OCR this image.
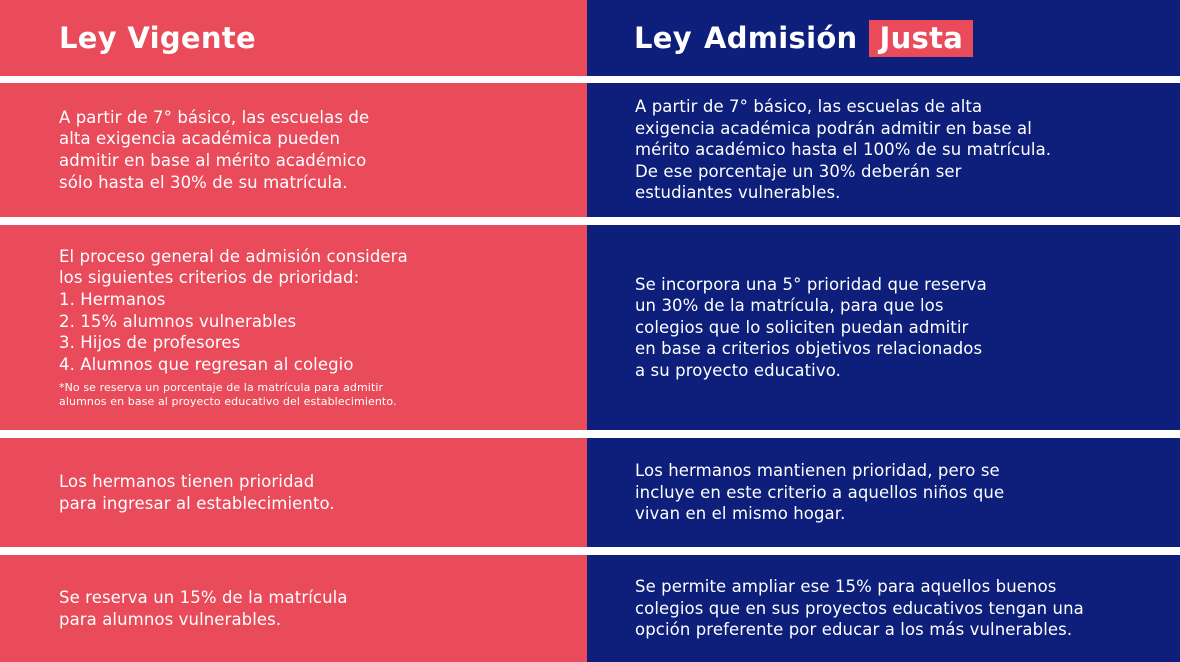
Ley Vigente	Ley Admisión Justa
A partir de 7° básico, las escuelas de
alta exigencia académica pueden
admitir en base al mérito académico
sólo hasta el 30% de su matrícula.
A partir de 7° básico, las escuelas de alta
exigencia académica podrán admitir en base al
mérito académico hasta el 100% de su matrícula.
De ese porcentaje un 30% deberán ser
estudiantes vulnerables.
El proceso general de admisión considera
los siguientes criterios de prioridad:
1. Hermanos
2. 15% alumnos vulnerables
3. Hijos de profesores
4. Alumnos que regresan al colegio
*No se reserva un porcentaje de la matrícula para admitir
alumnos en base al proyecto educativo del establecimiento.
Se incorpora una 5° prioridad que reserva
un 30% de la matrícula, para que los
colegios que lo soliciten puedan admitir
en base a criterios objetivos relacionados
a su proyecto educativo.
Los hermanos tienen prioridad
para ingresar al establecimiento.
Los hermanos mantienen prioridad, pero se
incluye en este criterio a aquellos niños que
vivan en el mismo hogar.
Se reserva un 15% de la matrícula
para alumnos vulnerables.
Se permite ampliar ese 15% para aquellos buenos
colegios que en sus proyectos educativos tengan una
opción preferente por educar a los más vulnerables.
